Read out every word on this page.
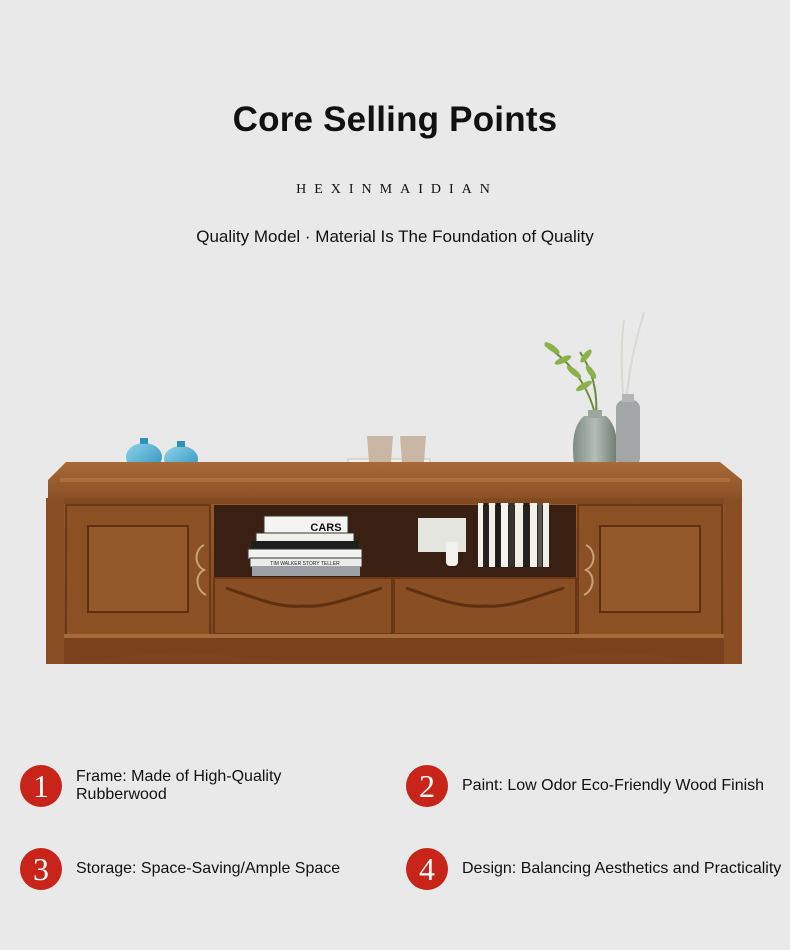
Core Selling Points
HEXINMAIDIAN
Quality Model · Material Is The Foundation of Quality
CARS
TIM WALKER STORY TELLER
1	Frame: Made of High-Quality Rubberwood	2	Paint: Low Odor Eco-Friendly Wood Finish
3	Storage: Space-Saving/Ample Space	4	Design: Balancing Aesthetics and Practicality
